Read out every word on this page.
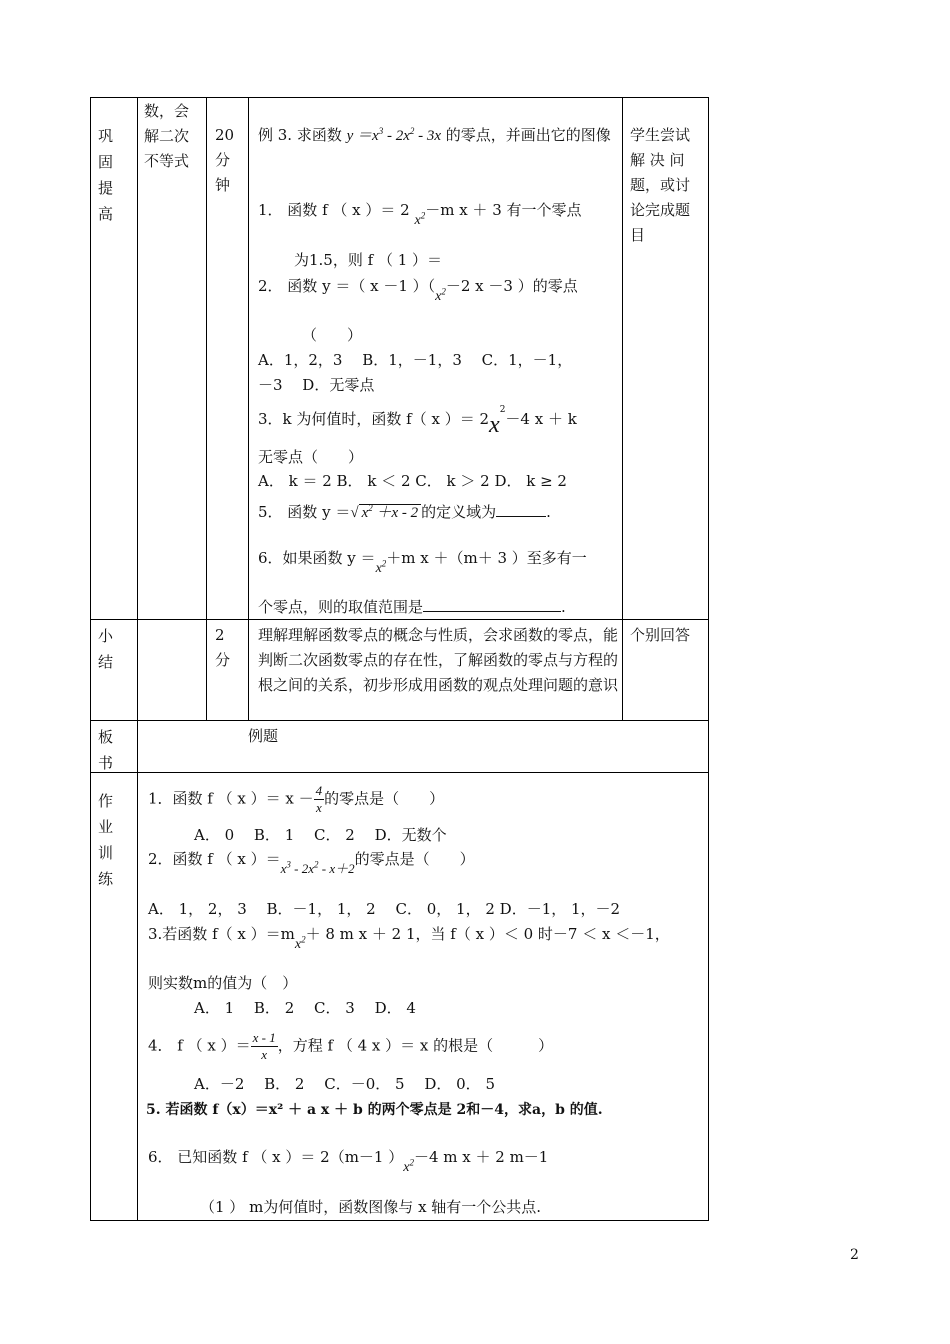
巩
固
提
高
数，会解二次不等式
20
分
钟
例 3. 求函数 $y =x^3 - 2x^2 - 3x$ 的零点，并画出它的图像
1． 函数 f （ x ）＝ 2 $x^2-m$ x ＋ 3 有一个零点
为1.5，则 f （ 1 ）＝
2． 函数 y ＝（ x －1 ）（$x^2-2$ x －3 ）的零点
（　　）
A．1，2，3　 B．1，－1，3　 C．1，－1，
－3　 D．无零点
3．k 为何值时，函数 f（ x ）＝ $2x^2-4$ x ＋ k
无零点（　　）
A． k ＝ 2 B． k ＜ 2 C． k ＞ 2 D． k ≥ 2
5． 函数 y ＝√ $x^2 +x - 2$ 的定义域为	.
6．如果函数 $y =x^2+m$ x ＋（m＋ 3 ）至多有一
个零点，则的取值范围是	.
学生尝试解 决 问题，或讨论完成题目
小
结
2
分
理解理解函数零点的概念与性质，会求函数的零点，能判断二次函数零点的存在性，了解函数的零点与方程的根之间的关系，初步形成用函数的观点处理问题的意识
个别回答
板
书
例题
作
业
训
练
1．函数 f （ x ）＝ $x - \frac{4}{x}$ 的零点是（　　）
A． 0　 B． 1　 C． 2　 D．无数个
2．函数 f （ x ）$=x^3 - 2x^2 - x+2$的零点是（　　）
A． 1， 2， 3　 B．－1， 1， 2　 C． 0， 1， 2 D．－1， 1，－2
3.若函数 f（ x ）$=mx^2+ 8$ m x ＋ 2 1，当 f（ x ）＜ 0 时－7 ＜ x ＜－1，
则实数m的值为（　）
A． 1　 B． 2　 C． 3　 D． 4
4． f （ x ）＝ $\frac{x - 1}{x}$ ，方程 f （ 4 x ）＝ x 的根是（　　　）
A．－2　 B． 2　 C．－0． 5　 D． 0． 5
5. 若函数 f（x）＝x² ＋ a x ＋ b 的两个零点是 2和－4，求a，b 的值.
6． 已知函数 f （ x ）＝ 2（m－1 ）$x^2-4$ m x ＋ 2 m－1
（1 ） m为何值时，函数图像与 x 轴有一个公共点.
2
